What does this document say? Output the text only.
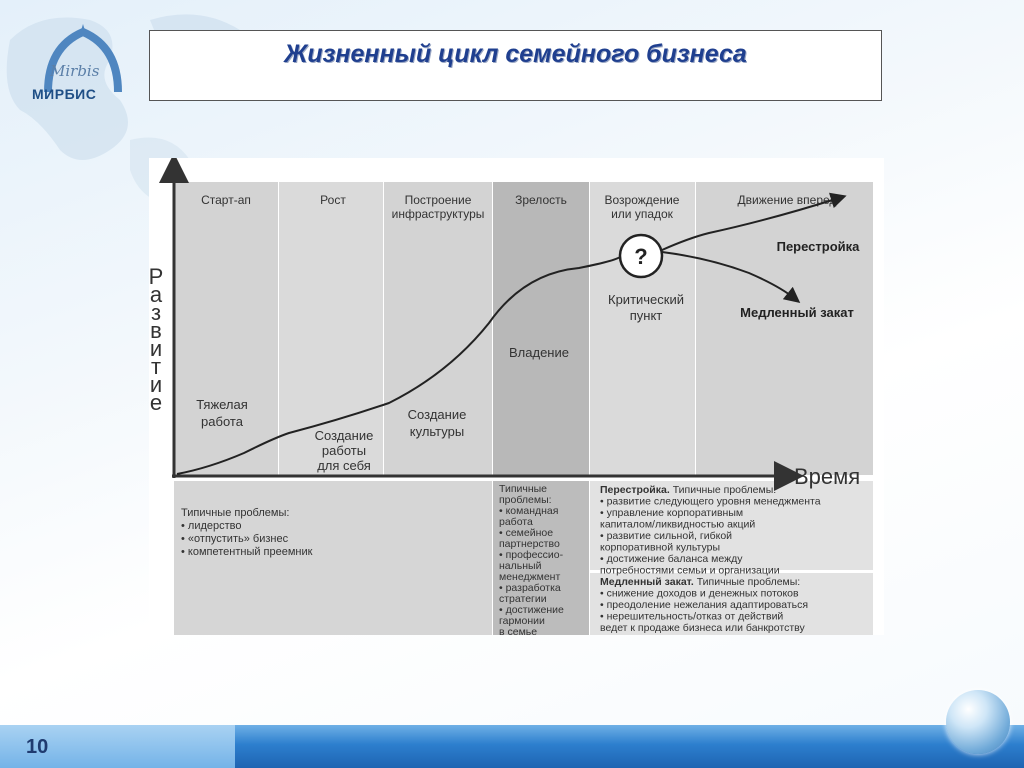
Mirbis
МИРБИС
Жизненный цикл семейного бизнеса
Старт-ап	Рост	Построение инфраструктуры
Зрелость	Возрождение или упадок
Движение вперед
?
Тяжелая работа
Создание работы для себя
Создание культуры
Владение
Критический пункт
Перестройка
Медленный закат
Р а з в и т и е
Время
Типичные проблемы: • лидерство • «отпустить» бизнес • компетентный преемник
Типичные проблемы: • командная работа • семейное партнерство • профессио-нальный менеджмент • разработка стратегии • достижение гармонии в семье
Перестройка. Типичные проблемы: • развитие следующего уровня менеджмента • управление корпоративным капиталом/ликвидностью акций • развитие сильной, гибкой корпоративной культуры • достижение баланса между потребностями семьи и организации
Медленный закат. Типичные проблемы: • снижение доходов и денежных потоков • преодоление нежелания адаптироваться • нерешительность/отказ от действий ведет к продаже бизнеса или банкротству
10
